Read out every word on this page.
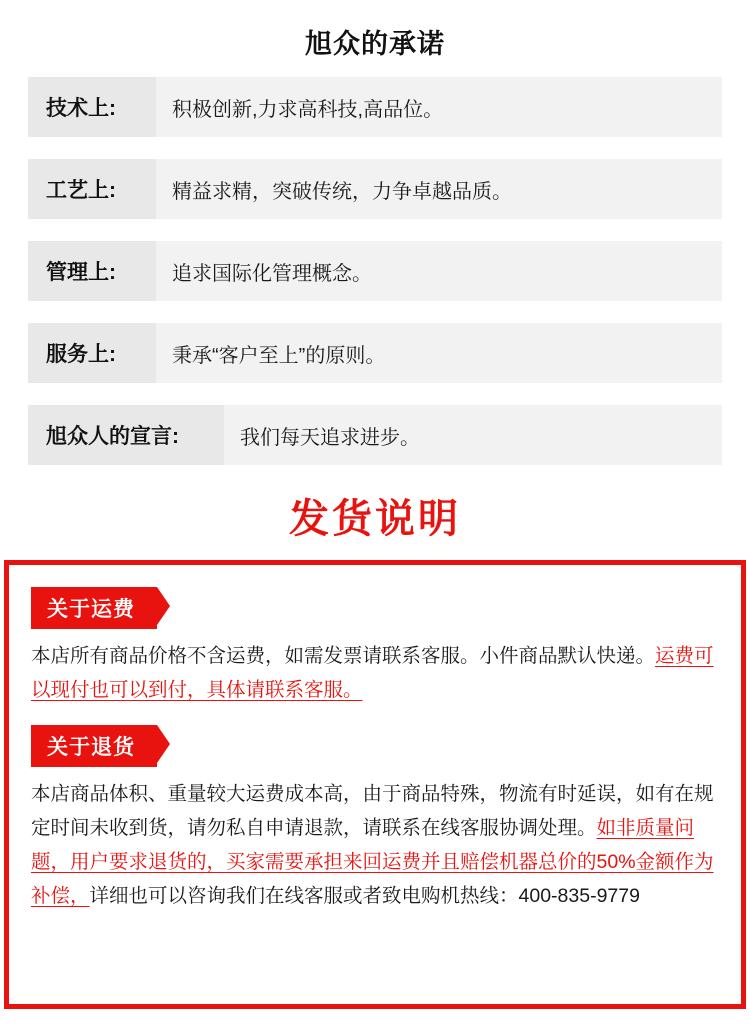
旭众的承诺
技术上:	积极创新,力求高科技,高品位。
工艺上:	精益求精，突破传统，力争卓越品质。
管理上:	追求国际化管理概念。
服务上:	秉承“客户至上”的原则。
旭众人的宣言:	我们每天追求进步。
发货说明
关于运费

本店所有商品价格不含运费，如需发票请联系客服。小件商品默认快递。运费可以现付也可以到付，具体请联系客服。

关于退货

本店商品体积、重量较大运费成本高，由于商品特殊，物流有时延误，如有在规定时间未收到货，请勿私自申请退款，请联系在线客服协调处理。如非质量问题，用户要求退货的，买家需要承担来回运费并且赔偿机器总价的50%金额作为补偿，详细也可以咨询我们在线客服或者致电购机热线：400-835-9779
